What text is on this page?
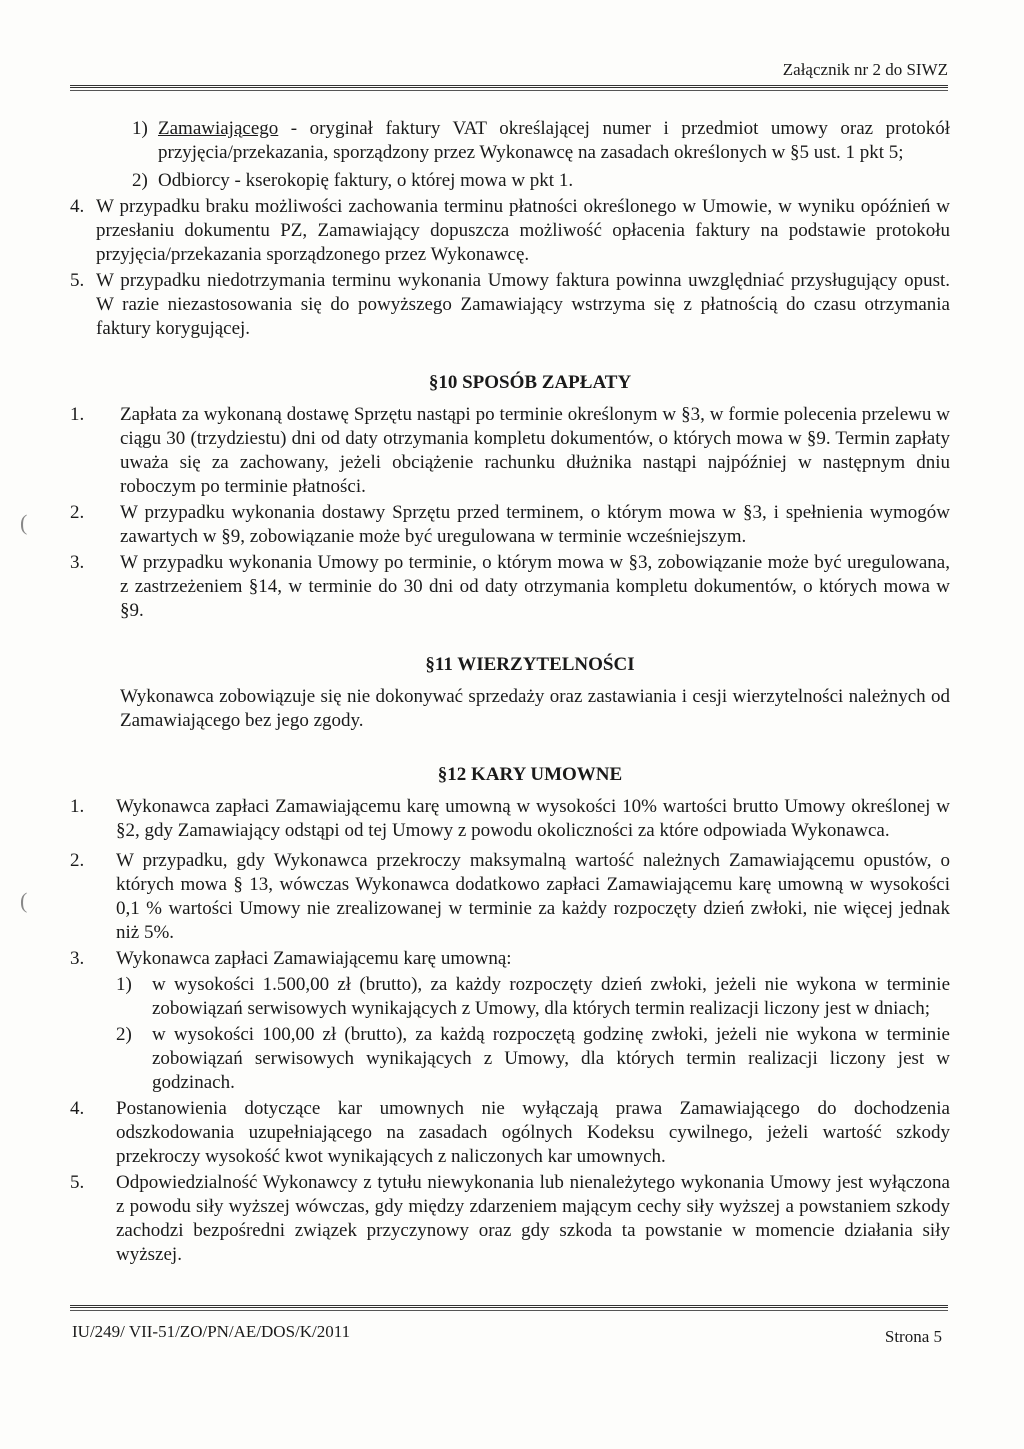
Załącznik nr 2 do SIWZ
(
(
1) Zamawiającego - oryginał faktury VAT określającej numer i przedmiot umowy oraz protokół przyjęcia/przekazania, sporządzony przez Wykonawcę na zasadach określonych w §5 ust. 1 pkt 5;
2) Odbiorcy - kserokopię faktury, o której mowa w pkt 1.
4. W przypadku braku możliwości zachowania terminu płatności określonego w Umowie, w wyniku opóźnień w przesłaniu dokumentu PZ, Zamawiający dopuszcza możliwość opłacenia faktury na podstawie protokołu przyjęcia/przekazania sporządzonego przez Wykonawcę.
5. W przypadku niedotrzymania terminu wykonania Umowy faktura powinna uwzględniać przysługujący opust. W razie niezastosowania się do powyższego Zamawiający wstrzyma się z płatnością do czasu otrzymania faktury korygującej.
§10 SPOSÓB ZAPŁATY
1.	Zapłata za wykonaną dostawę Sprzętu nastąpi po terminie określonym w §3, w formie polecenia przelewu w ciągu 30 (trzydziestu) dni od daty otrzymania kompletu dokumentów, o których mowa w §9. Termin zapłaty uważa się za zachowany, jeżeli obciążenie rachunku dłużnika nastąpi najpóźniej w następnym dniu roboczym po terminie płatności.
2.	W przypadku wykonania dostawy Sprzętu przed terminem, o którym mowa w §3, i spełnienia wymogów zawartych w §9, zobowiązanie może być uregulowana w terminie wcześniejszym.
3.	W przypadku wykonania Umowy po terminie, o którym mowa w §3, zobowiązanie może być uregulowana, z zastrzeżeniem §14, w terminie do 30 dni od daty otrzymania kompletu dokumentów, o których mowa w §9.
§11 WIERZYTELNOŚCI
Wykonawca zobowiązuje się nie dokonywać sprzedaży oraz zastawiania i cesji wierzytelności należnych od Zamawiającego bez jego zgody.
§12 KARY UMOWNE
1.	Wykonawca zapłaci Zamawiającemu karę umowną w wysokości 10% wartości brutto Umowy określonej w §2, gdy Zamawiający odstąpi od tej Umowy z powodu okoliczności za które odpowiada Wykonawca.
2.	W przypadku, gdy Wykonawca przekroczy maksymalną wartość należnych Zamawiającemu opustów, o których mowa § 13, wówczas Wykonawca dodatkowo zapłaci Zamawiającemu karę umowną w wysokości 0,1 % wartości Umowy nie zrealizowanej w terminie za każdy rozpoczęty dzień zwłoki, nie więcej jednak niż 5%.
3.	Wykonawca zapłaci Zamawiającemu karę umowną:
1)	w wysokości 1.500,00 zł (brutto), za każdy rozpoczęty dzień zwłoki, jeżeli nie wykona w terminie zobowiązań serwisowych wynikających z Umowy, dla których termin realizacji liczony jest w dniach;
2)	w wysokości 100,00 zł (brutto), za każdą rozpoczętą godzinę zwłoki, jeżeli nie wykona w terminie zobowiązań serwisowych wynikających z Umowy, dla których termin realizacji liczony jest w godzinach.
4.	Postanowienia dotyczące kar umownych nie wyłączają prawa Zamawiającego do dochodzenia odszkodowania uzupełniającego na zasadach ogólnych Kodeksu cywilnego, jeżeli wartość szkody przekroczy wysokość kwot wynikających z naliczonych kar umownych.
5.	Odpowiedzialność Wykonawcy z tytułu niewykonania lub nienależytego wykonania Umowy jest wyłączona z powodu siły wyższej wówczas, gdy między zdarzeniem mającym cechy siły wyższej a powstaniem szkody zachodzi bezpośredni związek przyczynowy oraz gdy szkoda ta powstanie w momencie działania siły wyższej.
IU/249/ VII-51/ZO/PN/AE/DOS/K/2011	Strona 5
